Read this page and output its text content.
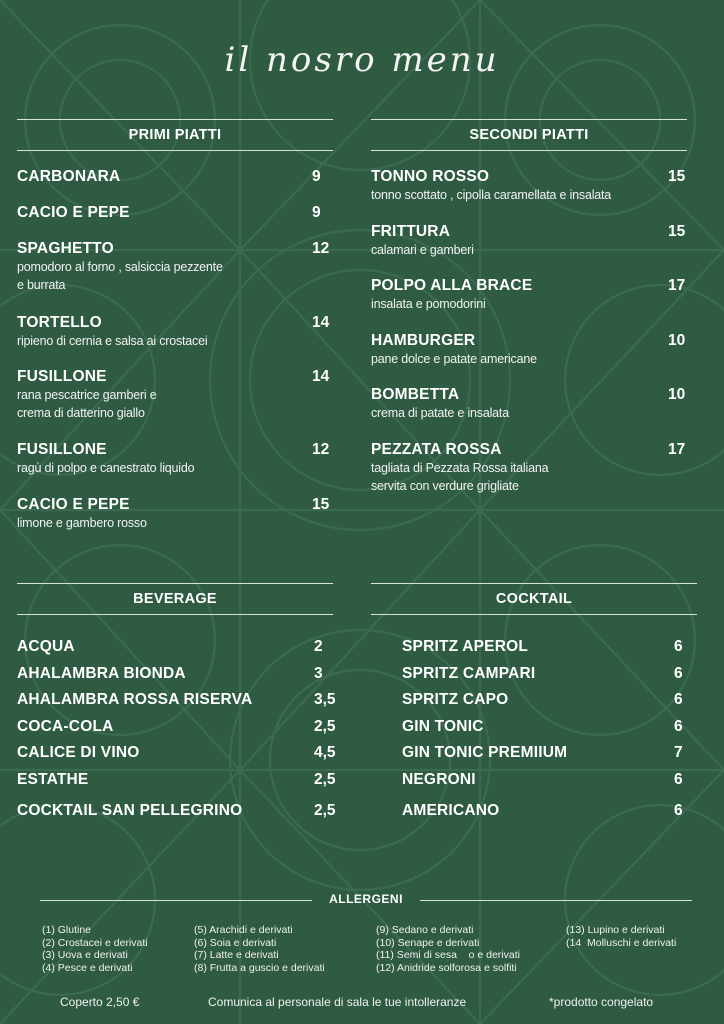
il nosro menu
PRIMI PIATTI
CARBONARA	9
CACIO E PEPE	9
SPAGHETTO	12
pomodoro al forno , salsiccia pezzente
e burrata
TORTELLO	14
ripieno di cernia e salsa ai crostacei
FUSILLONE	14
rana pescatrice gamberi e
crema di datterino giallo
FUSILLONE	12
ragù di polpo e canestrato liquido
CACIO E PEPE	15
limone e gambero rosso
SECONDI PIATTI
TONNO ROSSO	15
tonno scottato , cipolla caramellata e insalata
FRITTURA	15
calamari e gamberi
POLPO ALLA BRACE	17
insalata e pomodorini
HAMBURGER	10
pane dolce e patate americane
BOMBETTA	10
crema di patate e insalata
PEZZATA ROSSA	17
tagliata di Pezzata Rossa italiana
servita con verdure grigliate
BEVERAGE
ACQUA	2
AHALAMBRA BIONDA	3
AHALAMBRA ROSSA RISERVA	3,5
COCA-COLA	2,5
CALICE DI VINO	4,5
ESTATHE	2,5
COCKTAIL SAN PELLEGRINO	2,5
COCKTAIL
SPRITZ APEROL	6
SPRITZ CAMPARI	6
SPRITZ CAPO	6
GIN TONIC	6
GIN TONIC PREMIIUM	7
NEGRONI	6
AMERICANO	6
ALLERGENI
(1) Glutine
(2) Crostacei e derivati
(3) Uova e derivati
(4) Pesce e derivati
(5) Arachidi e derivati
(6) Soia e derivati
(7) Latte e derivati
(8) Frutta a guscio e derivati
(9) Sedano e derivati
(10) Senape e derivati
(11) Semi di sesa    o e derivati
(12) Anidride solforosa e solfiti
(13) Lupino e derivati
(14  Molluschi e derivati
Coperto 2,50 €	Comunica al personale di sala le tue intolleranze	*prodotto congelato
